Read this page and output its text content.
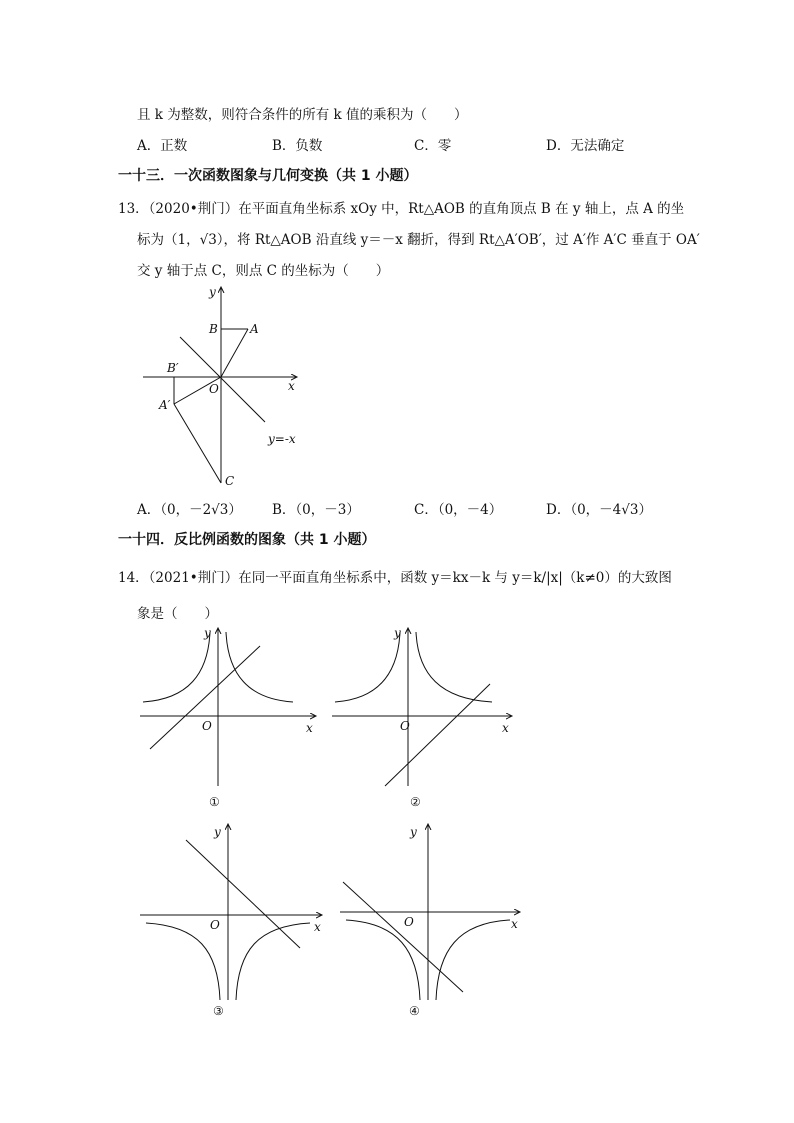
且 k 为整数，则符合条件的所有 k 值的乘积为（　　）
A．正数	B．负数	C．零	D．无法确定
一十三．一次函数图象与几何变换（共 1 小题）
13．（2020•荆门）在平面直角坐标系 xOy 中，Rt△AOB 的直角顶点 B 在 y 轴上，点 A 的坐
标为（1，√3），将 Rt△AOB 沿直线 y＝－x 翻折，得到 Rt△A′OB′，过 A′作 A′C 垂直于 OA′
交 y 轴于点 C，则点 C 的坐标为（　　）
y
x
B	A
B′
A′
O
C
y=-x
A．（0，－2√3） B．（0，－3）	C．（0，－4）	D．（0，－4√3）
一十四．反比例函数的图象（共 1 小题）
14．（2021•荆门）在同一平面直角坐标系中，函数 y＝kx－k 与 y＝k/|x|（k≠0）的大致图
象是（　　）
y
x
O
①
y
x
O
②
y
x
O
③
y
x
O
④
